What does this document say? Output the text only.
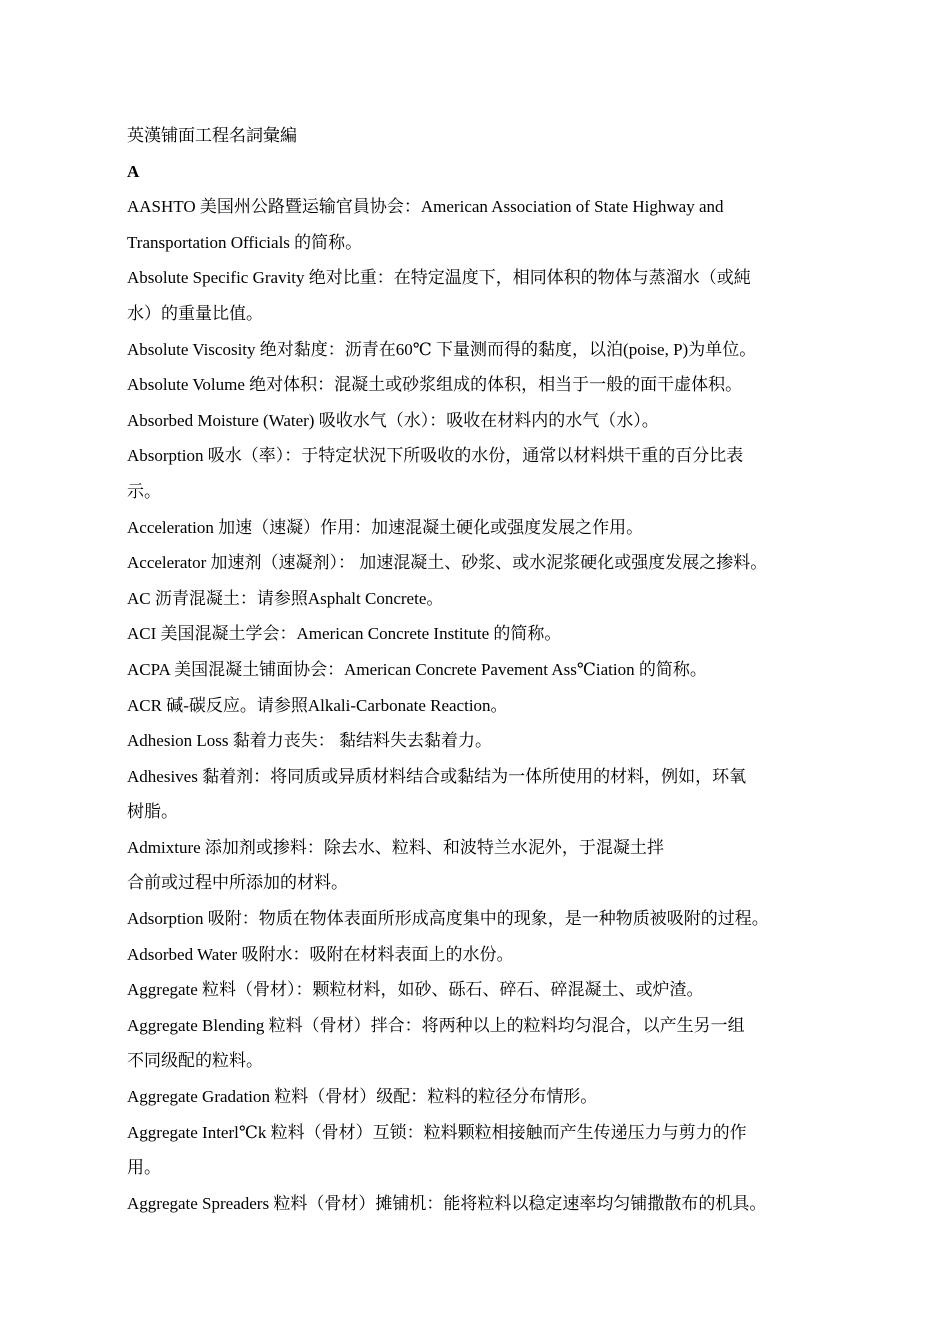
英漢铺面工程名詞彙編

A

AASHTO 美国州公路暨运输官員协会：American Association of State Highway and

Transportation Officials 的简称。

Absolute Specific Gravity 绝对比重：在特定温度下，相同体积的物体与蒸溜水（或純

水）的重量比值。

Absolute Viscosity 绝对黏度：沥青在60℃ 下量测而得的黏度，以泊(poise, P)为单位。

Absolute Volume 绝对体积：混凝土或砂浆组成的体积，相当于一般的面干虚体积。

Absorbed Moisture (Water) 吸收水气（水）：吸收在材料内的水气（水）。

Absorption 吸水（率）：于特定状況下所吸收的水份，通常以材料烘干重的百分比表

示。

Acceleration 加速（速凝）作用：加速混凝土硬化或强度发展之作用。

Accelerator 加速剂（速凝剂）： 加速混凝土、砂浆、或水泥浆硬化或强度发展之掺料。

AC 沥青混凝土：请参照Asphalt Concrete。

ACI 美国混凝土学会：American Concrete Institute 的简称。

ACPA 美国混凝土铺面协会：American Concrete Pavement Ass℃iation 的简称。

ACR 碱-碳反应。请参照Alkali-Carbonate Reaction。

Adhesion Loss 黏着力丧失： 黏结料失去黏着力。

Adhesives 黏着剂：将同质或异质材料结合或黏结为一体所使用的材料，例如，环氧

树脂。

Admixture 添加剂或掺料：除去水、粒料、和波特兰水泥外，于混凝土拌

合前或过程中所添加的材料。

Adsorption 吸附：物质在物体表面所形成高度集中的现象，是一种物质被吸附的过程。

Adsorbed Water 吸附水：吸附在材料表面上的水份。

Aggregate 粒料（骨材）：颗粒材料，如砂、砾石、碎石、碎混凝土、或炉渣。

Aggregate Blending 粒料（骨材）拌合：将两种以上的粒料均匀混合，以产生另一组

不同级配的粒料。

Aggregate Gradation 粒料（骨材）级配：粒料的粒径分布情形。

Aggregate Interl℃k 粒料（骨材）互锁：粒料颗粒相接触而产生传递压力与剪力的作

用。

Aggregate Spreaders 粒料（骨材）摊铺机：能将粒料以稳定速率均匀铺撒散布的机具。
